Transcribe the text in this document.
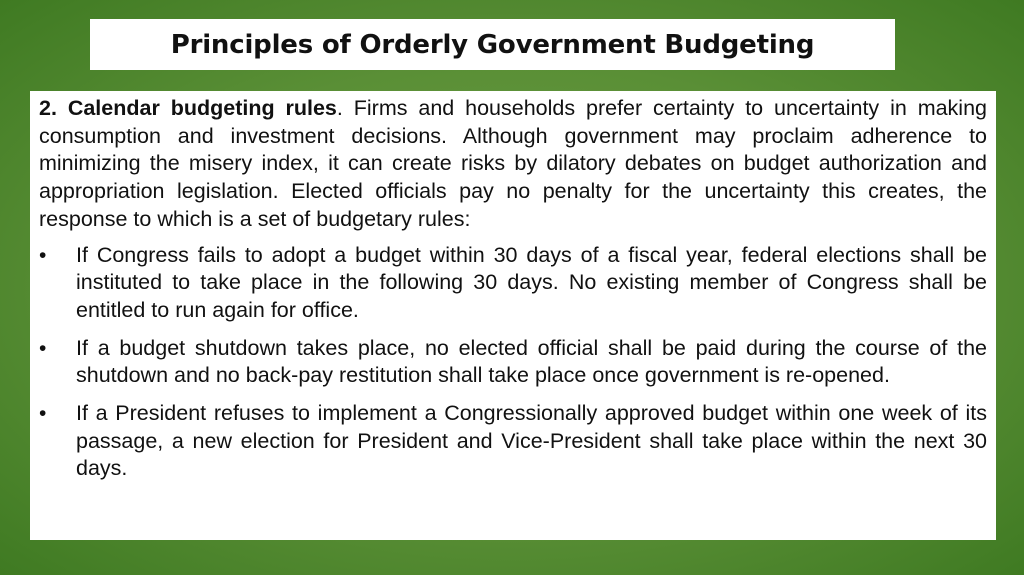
Principles of Orderly Government Budgeting

2. Calendar budgeting rules. Firms and households prefer certainty to uncertainty in making consumption and investment decisions. Although government may proclaim adherence to minimizing the misery index, it can create risks by dilatory debates on budget authorization and appropriation legislation. Elected officials pay no penalty for the uncertainty this creates, the response to which is a set of budgetary rules:

•	If Congress fails to adopt a budget within 30 days of a fiscal year, federal elections shall be instituted to take place in the following 30 days. No existing member of Congress shall be entitled to run again for office.
•	If a budget shutdown takes place, no elected official shall be paid during the course of the shutdown and no back-pay restitution shall take place once government is re-opened.
•	If a President refuses to implement a Congressionally approved budget within one week of its passage, a new election for President and Vice-President shall take place within the next 30 days.
